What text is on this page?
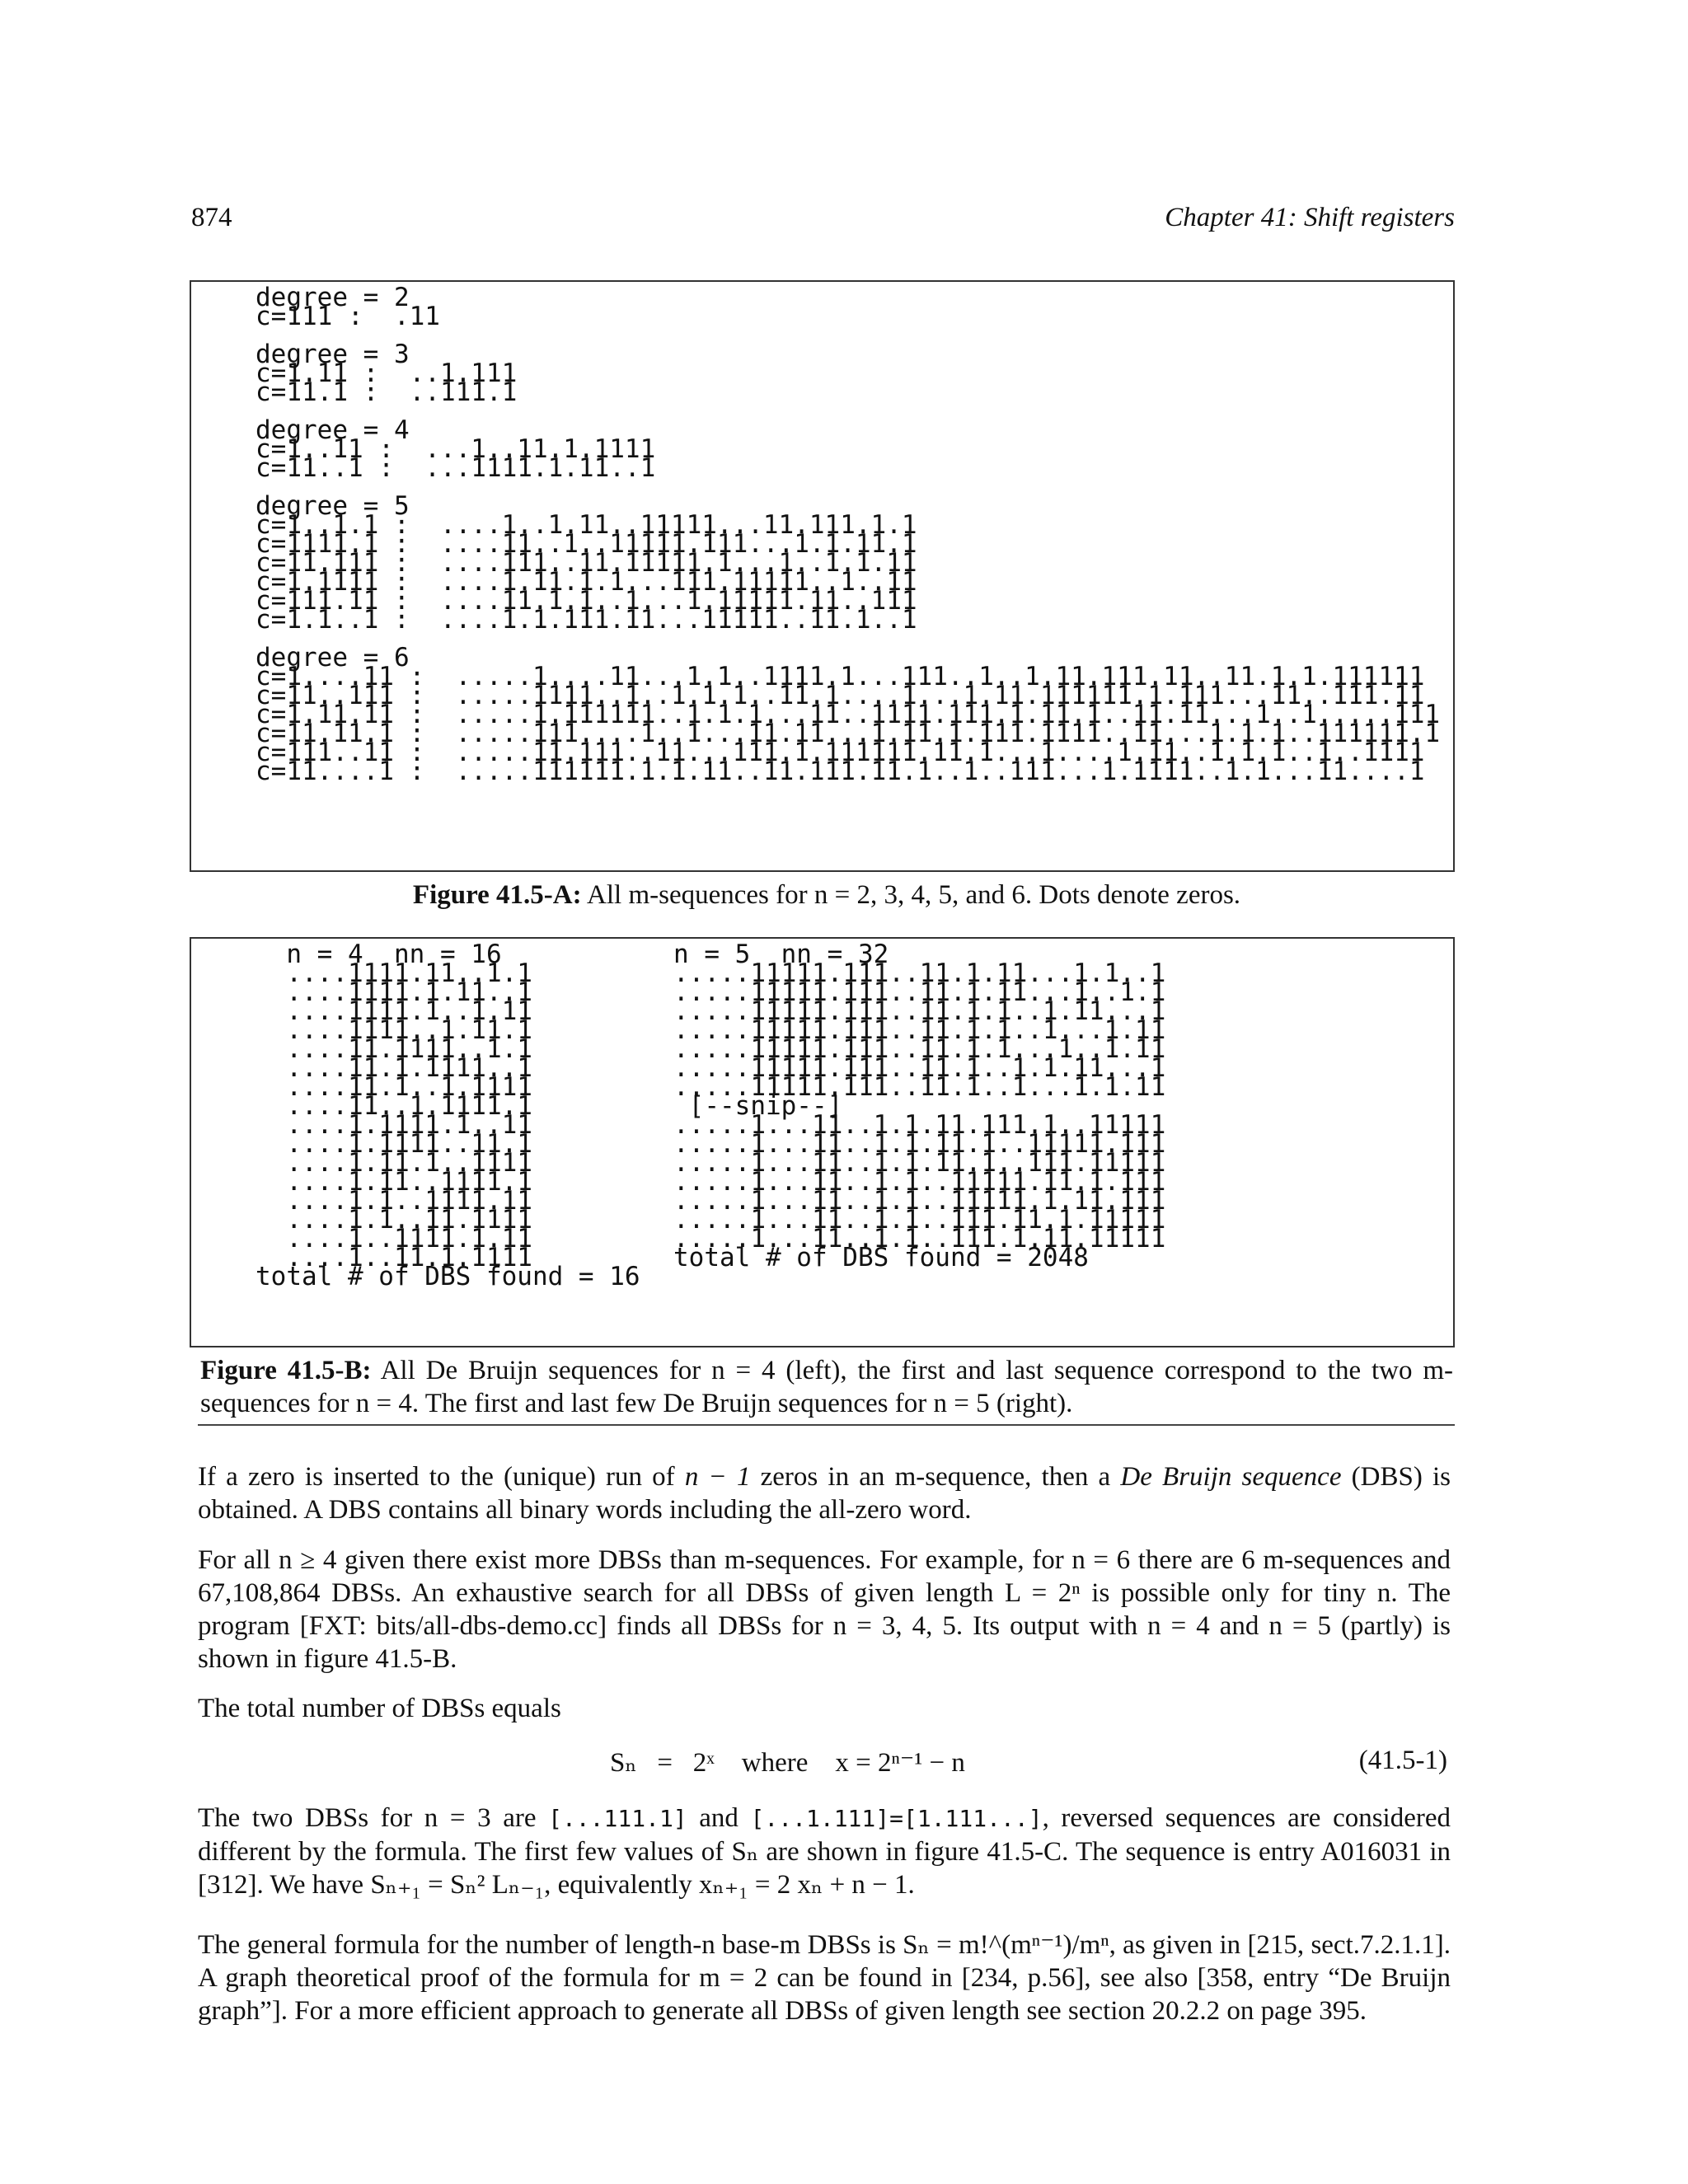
874	Chapter 41: Shift registers
degree = 2
c=111 :  .11

degree = 3
c=1.11 :  ..1.111
c=11.1 :  ..111.1

degree = 4
c=1..11 :  ...1..11.1.1111
c=11..1 :  ...1111.1.11..1

degree = 5
c=1..1.1 :  ....1..1.11..11111...11.111.1.1
c=1111.1 :  ....11..1..11111.111...1.1.11.1
c=11.111 :  ....111..11.11111.1...1..1.1.11
c=1.1111 :  ....1.11.1.1...111.11111..1..11
c=111.11 :  ....11.1.1..1...1.11111.11..111
c=1.1..1 :  ....1.1.111.11...11111..11.1..1

degree = 6
c=1....11 :  .....1....11...1.1..1111.1...111..1..1.11.111.11..11.1.1.111111
c=11..111 :  .....1111..1..1.1.1..11.1....1...1.11.111111.1.111...11..111.11
c=1.11.11 :  .....1.111111..1.1.1...11..1111.111.1.11.1..11.11...1..1.....111
c=11.11.1 :  .....111....1..1...11.11...1.11.1.111.1111..11...1.1.1..111111.1
c=111..11 :  .....11.111..11...111.1.111111.11.1...1....1.11..1.1.1..1..1111
c=11....1 :  .....111111.1.1.11..11.111.11.1..1..111...1.1111..1.1...11....1
Figure 41.5-A: All m-sequences for n = 2, 3, 4, 5, and 6. Dots denote zeros.
n = 4  nn = 16
....1111.11..1.1
....1111.1.11..1
....1111.1..1.11
....1111..1.11.1
....11.1111..1.1
....11.1.1111..1
....11.1..1.1111
....11..1.1111.1
....1.1111.1..11
....1.1111..11.1
....1.11.1..1111
....1.11..1111.1
....1.1..1111.11
....1.1..11.1111
....1..1111.1.11
....1..11.1.1111
total # of DBS found = 16
n = 5  nn = 32
.....11111.111..11.1.11...1.1..1
.....11111.111..11.1.11...1..1.1
.....11111.111..11.1.1..1.11...1
.....11111.111..11.1.1..1...1.11
.....11111.111..11.1.1...1..1.11
.....11111.111..11.1..1.1.11...1
.....11111.111..11.1..1...1.1.11
[--snip--]
.....1...11..1.1.11.111.1..11111
.....1...11..1.1.11.1..11111.111
.....1...11..1.1.11.1..111.11111
.....1...11..1.1..11111.11.1.111
.....1...11..1.1..11111.1.11.111
.....1...11..1.1..111.11.1.11111
.....1...11..1.1..111.1.11.11111
total # of DBS found = 2048
Figure 41.5-B: All De Bruijn sequences for n = 4 (left), the first and last sequence correspond to the two m-sequences for n = 4. The first and last few De Bruijn sequences for n = 5 (right).

If a zero is inserted to the (unique) run of n − 1 zeros in an m-sequence, then a De Bruijn sequence (DBS) is obtained. A DBS contains all binary words including the all-zero word.

For all n ≥ 4 given there exist more DBSs than m-sequences. For example, for n = 6 there are 6 m-sequences and 67,108,864 DBSs. An exhaustive search for all DBSs of given length L = 2ⁿ is possible only for tiny n. The program [FXT: bits/all-dbs-demo.cc] finds all DBSs for n = 3, 4, 5. Its output with n = 4 and n = 5 (partly) is shown in figure 41.5-B.

The total number of DBSs equals

Sₙ   =   2ˣ    where    x = 2ⁿ⁻¹ − n	(41.5-1)

The two DBSs for n = 3 are [...111.1] and [...1.111]=[1.111...], reversed sequences are considered different by the formula. The first few values of Sₙ are shown in figure 41.5-C. The sequence is entry A016031 in [312]. We have Sₙ₊₁ = Sₙ² Lₙ₋₁, equivalently xₙ₊₁ = 2 xₙ + n − 1.

The general formula for the number of length-n base-m DBSs is Sₙ = m!^(mⁿ⁻¹)/mⁿ, as given in [215, sect.7.2.1.1]. A graph theoretical proof of the formula for m = 2 can be found in [234, p.56], see also [358, entry “De Bruijn graph”]. For a more efficient approach to generate all DBSs of given length see section 20.2.2 on page 395.
